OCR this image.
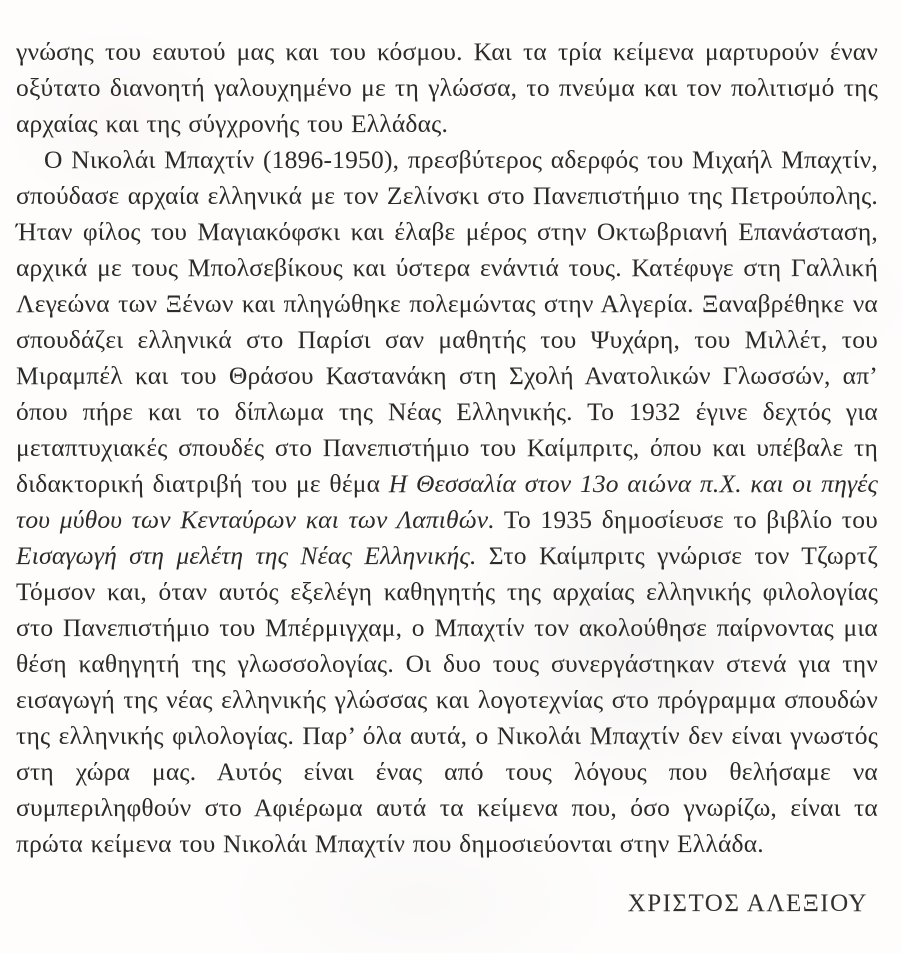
γνώσης του εαυτού μας και του κόσμου. Και τα τρία κείμενα μαρτυρούν έναν οξύτατο διανοητή γαλουχημένο με τη γλώσσα, το πνεύμα και τον πολιτισμό της αρχαίας και της σύγχρονής του Ελλάδας.

Ο Νικολάι Μπαχτίν (1896-1950), πρεσβύτερος αδερφός του Μιχαήλ Μπαχτίν, σπούδασε αρχαία ελληνικά με τον Ζελίνσκι στο Πανεπιστήμιο της Πετρούπολης. Ήταν φίλος του Μαγιακόφσκι και έλαβε μέρος στην Οκτωβριανή Επανάσταση, αρχικά με τους Μπολσεβίκους και ύστερα ενάντιά τους. Κατέφυγε στη Γαλλική Λεγεώνα των Ξένων και πληγώθηκε πολεμώντας στην Αλγερία. Ξαναβρέθηκε να σπουδάζει ελληνικά στο Παρίσι σαν μαθητής του Ψυχάρη, του Μιλλέτ, του Μιραμπέλ και του Θράσου Καστανάκη στη Σχολή Ανατολικών Γλωσσών, απ’ όπου πήρε και το δίπλωμα της Νέας Ελληνικής. Το 1932 έγινε δεχτός για μεταπτυχιακές σπουδές στο Πανεπιστήμιο του Καίμπριτς, όπου και υπέβαλε τη διδακτορική διατριβή του με θέμα Η Θεσσαλία στον 13ο αιώνα π.Χ. και οι πηγές του μύθου των Κενταύρων και των Λαπιθών. Το 1935 δημοσίευσε το βιβλίο του Εισαγωγή στη μελέτη της Νέας Ελληνικής. Στο Καίμπριτς γνώρισε τον Τζωρτζ Τόμσον και, όταν αυτός εξελέγη καθηγητής της αρχαίας ελληνικής φιλολογίας στο Πανεπιστήμιο του Μπέρμιγχαμ, ο Μπαχτίν τον ακολούθησε παίρνοντας μια θέση καθηγητή της γλωσσολογίας. Οι δυο τους συνεργάστηκαν στενά για την εισαγωγή της νέας ελληνικής γλώσσας και λογοτεχνίας στο πρόγραμμα σπουδών της ελληνικής φιλολογίας. Παρ’ όλα αυτά, ο Νικολάι Μπαχτίν δεν είναι γνωστός στη χώρα μας. Αυτός είναι ένας από τους λόγους που θελήσαμε να συμπεριληφθούν στο Αφιέρωμα αυτά τα κείμενα που, όσο γνωρίζω, είναι τα πρώτα κείμενα του Νικολάι Μπαχτίν που δημοσιεύονται στην Ελλάδα.

ΧΡΙΣΤΟΣ ΑΛΕΞΙΟΥ
